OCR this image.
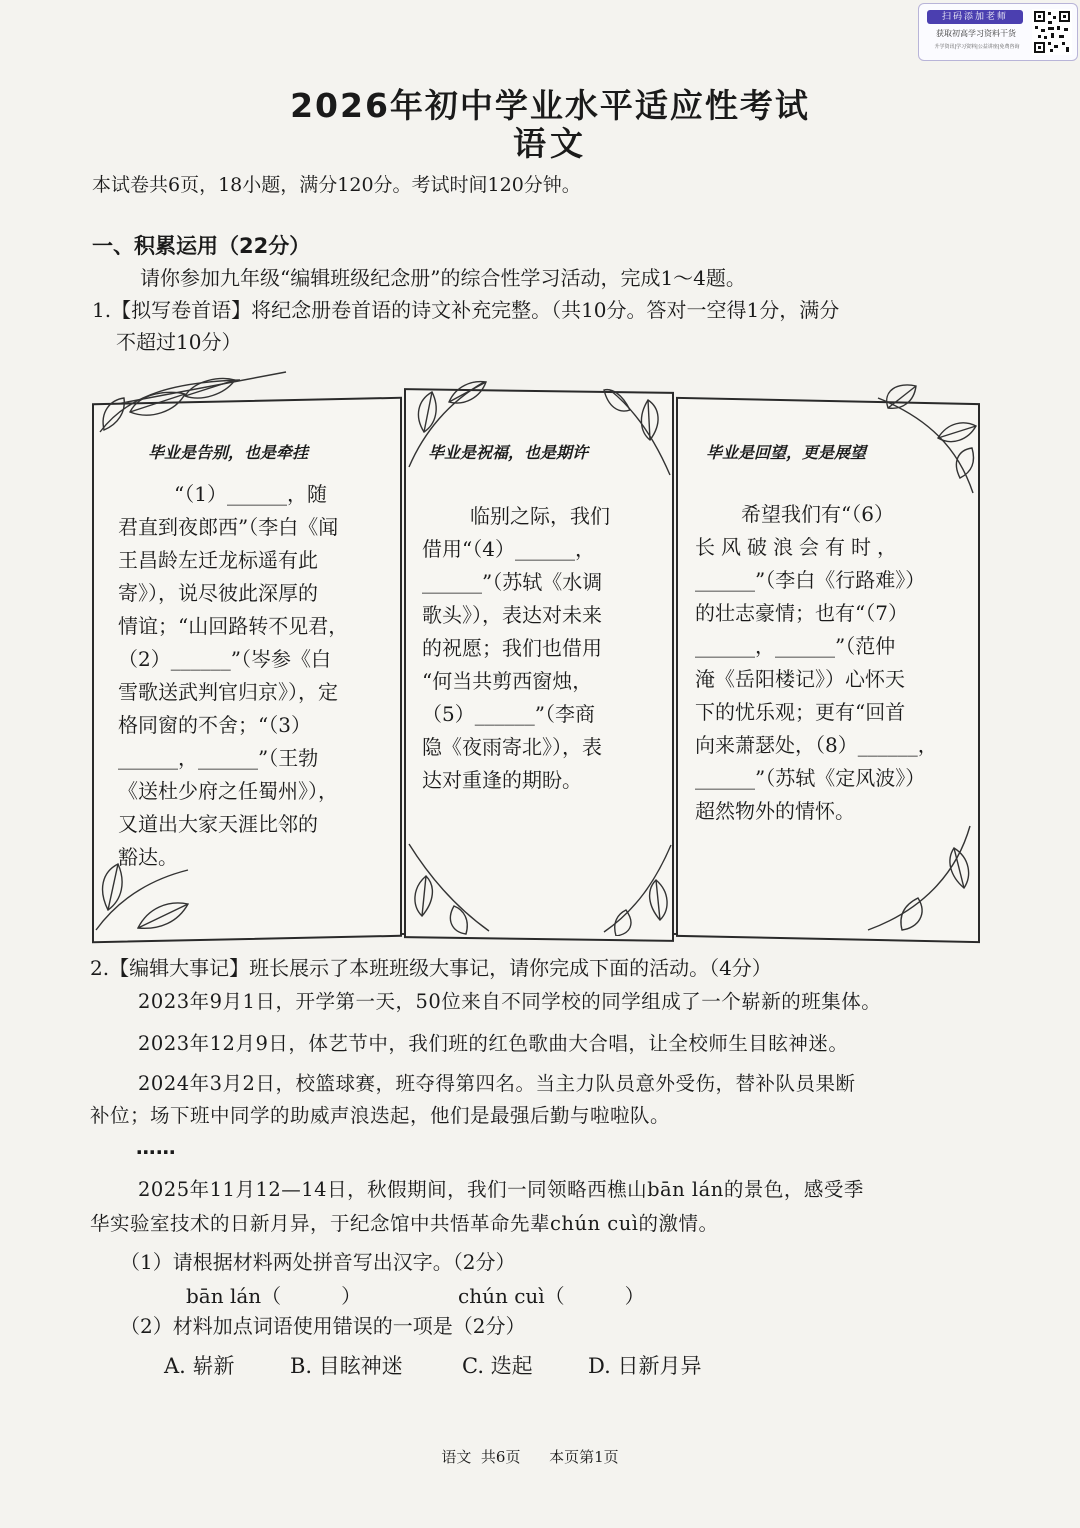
扫码添加老师
获取初高学习资料干货
升学资讯|学习资料|公益讲座|免费咨询
2026年初中学业水平适应性考试
语文
本试卷共6页，18小题，满分120分。考试时间120分钟。
一、积累运用（22分）
请你参加九年级“编辑班级纪念册”的综合性学习活动，完成1～4题。
1.【拟写卷首语】将纪念册卷首语的诗文补充完整。（共10分。答对一空得1分，满分
不超过10分）
毕业是告别，也是牵挂
“（1）______，随
君直到夜郎西”（李白《闻
王昌龄左迁龙标遥有此
寄》），说尽彼此深厚的
情谊；“山回路转不见君，
（2）______”（岑参《白
雪歌送武判官归京》），定
格同窗的不舍；“（3）
______，______”（王勃
《送杜少府之任蜀州》），
又道出大家天涯比邻的
豁达。
毕业是祝福，也是期许
临别之际，我们
借用“（4）______，
______”（苏轼《水调
歌头》），表达对未来
的祝愿；我们也借用
“何当共剪西窗烛，
（5）______”（李商
隐《夜雨寄北》），表
达对重逢的期盼。
毕业是回望，更是展望
希望我们有“（6）
长风破浪会有时，
______”（李白《行路难》）
的壮志豪情；也有“（7）
______，______”（范仲
淹《岳阳楼记》）心怀天
下的忧乐观；更有“回首
向来萧瑟处，（8）______，
______”（苏轼《定风波》）
超然物外的情怀。
2.【编辑大事记】班长展示了本班班级大事记，请你完成下面的活动。（4分）
2023年9月1日，开学第一天，50位来自不同学校的同学组成了一个崭新的班集体。
2023年12月9日，体艺节中，我们班的红色歌曲大合唱，让全校师生目眩神迷。
2024年3月2日，校篮球赛，班夺得第四名。当主力队员意外受伤，替补队员果断
补位；场下班中同学的助威声浪迭起，他们是最强后勤与啦啦队。
……
2025年11月12—14日，秋假期间，我们一同领略西樵山bān lán的景色，感受季
华实验室技术的日新月异，于纪念馆中共悟革命先辈chún cuì的激情。
（1）请根据材料两处拼音写出汉字。（2分）
bān lán（　　　）	chún cuì（　　　）
（2）材料加点词语使用错误的一项是（2分）
A. 崭新	B. 目眩神迷	C. 迭起	D. 日新月异
语文  共6页      本页第1页
